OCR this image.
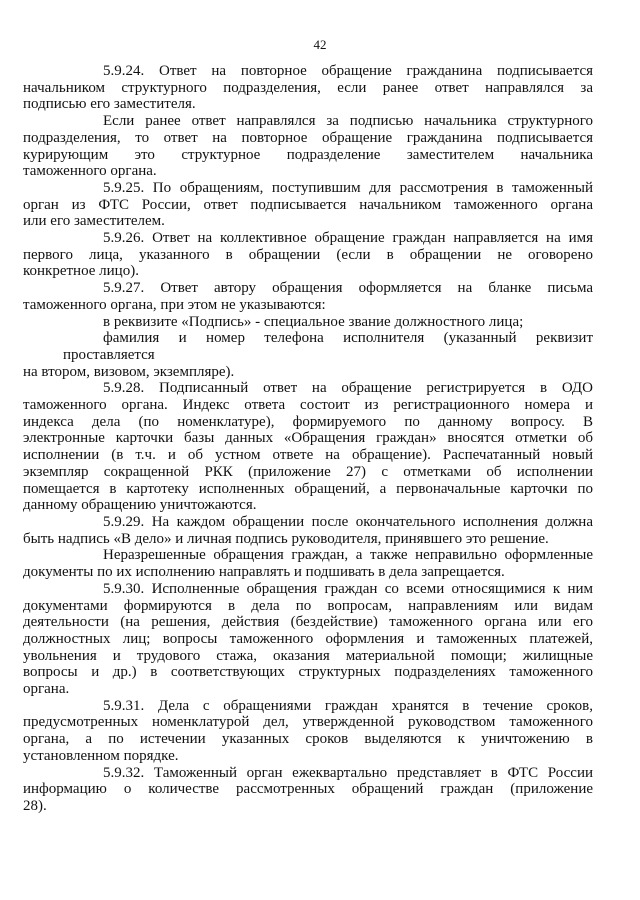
42
5.9.24. Ответ на повторное обращение гражданина подписывается
начальником структурного подразделения, если ранее ответ направлялся за
подписью его заместителя.
Если ранее ответ направлялся за подписью начальника структурного
подразделения, то ответ на повторное обращение гражданина подписывается
курирующим это структурное подразделение заместителем начальника
таможенного органа.
5.9.25. По обращениям, поступившим для рассмотрения в таможенный
орган из ФТС России, ответ подписывается начальником таможенного органа
или его заместителем.
5.9.26. Ответ на коллективное обращение граждан направляется на имя
первого лица, указанного в обращении (если в обращении не оговорено
конкретное лицо).
5.9.27. Ответ автору обращения оформляется на бланке письма
таможенного органа, при этом не указываются:
в реквизите «Подпись» - специальное звание должностного лица;
фамилия и номер телефона исполнителя (указанный реквизит проставляется
на втором, визовом, экземпляре).
5.9.28. Подписанный ответ на обращение регистрируется в ОДО
таможенного органа. Индекс ответа состоит из регистрационного номера и
индекса дела (по номенклатуре), формируемого по данному вопросу. В
электронные карточки базы данных «Обращения граждан» вносятся отметки об
исполнении (в т.ч. и об устном ответе на обращение). Распечатанный новый
экземпляр сокращенной РКК (приложение 27) с отметками об исполнении
помещается в картотеку исполненных обращений, а первоначальные карточки по
данному обращению уничтожаются.
5.9.29. На каждом обращении после окончательного исполнения должна
быть надпись «В дело» и личная подпись руководителя, принявшего это решение.
Неразрешенные обращения граждан, а также неправильно оформленные
документы по их исполнению направлять и подшивать в дела запрещается.
5.9.30. Исполненные обращения граждан со всеми относящимися к ним
документами формируются в дела по вопросам, направлениям или видам
деятельности (на решения, действия (бездействие) таможенного органа или его
должностных лиц; вопросы таможенного оформления и таможенных платежей,
увольнения и трудового стажа, оказания материальной помощи; жилищные
вопросы и др.) в соответствующих структурных подразделениях таможенного
органа.
5.9.31. Дела с обращениями граждан хранятся в течение сроков,
предусмотренных номенклатурой дел, утвержденной руководством таможенного
органа, а по истечении указанных сроков выделяются к уничтожению в
установленном порядке.
5.9.32. Таможенный орган ежеквартально представляет в ФТС России
информацию о количестве рассмотренных обращений граждан (приложение
28).
